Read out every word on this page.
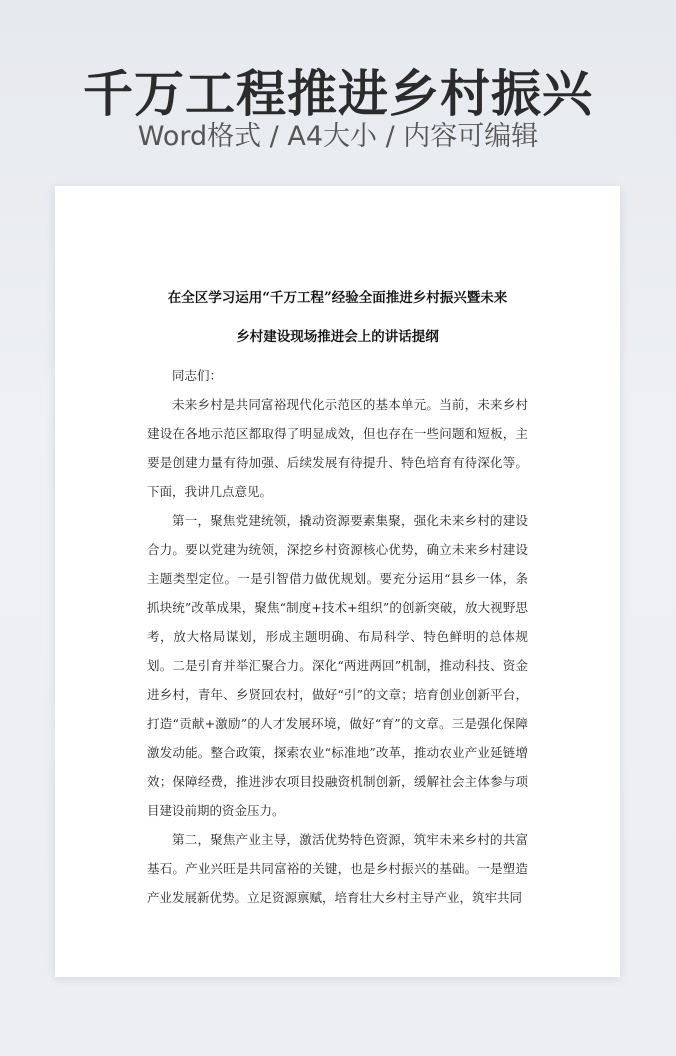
千万工程推进乡村振兴
Word格式 / A4大小 / 内容可编辑
在全区学习运用“千万工程”经验全面推进乡村振兴暨未来
乡村建设现场推进会上的讲话提纲

同志们：

未来乡村是共同富裕现代化示范区的基本单元。当前，未来乡村建设在各地示范区都取得了明显成效，但也存在一些问题和短板，主要是创建力量有待加强、后续发展有待提升、特色培育有待深化等。下面，我讲几点意见。

第一，聚焦党建统领，撬动资源要素集聚，强化未来乡村的建设合力。要以党建为统领，深挖乡村资源核心优势，确立未来乡村建设主题类型定位。一是引智借力做优规划。要充分运用“县乡一体，条抓块统”改革成果，聚焦“制度+技术+组织”的创新突破，放大视野思考，放大格局谋划，形成主题明确、布局科学、特色鲜明的总体规划。二是引育并举汇聚合力。深化“两进两回”机制，推动科技、资金进乡村，青年、乡贤回农村，做好“引”的文章；培育创业创新平台，打造“贡献+激励”的人才发展环境，做好“育”的文章。三是强化保障激发动能。整合政策，探索农业“标准地”改革，推动农业产业延链增效；保障经费，推进涉农项目投融资机制创新，缓解社会主体参与项目建设前期的资金压力。

第二，聚焦产业主导，激活优势特色资源，筑牢未来乡村的共富基石。产业兴旺是共同富裕的关键，也是乡村振兴的基础。一是塑造产业发展新优势。立足资源禀赋，培育壮大乡村主导产业，筑牢共同
